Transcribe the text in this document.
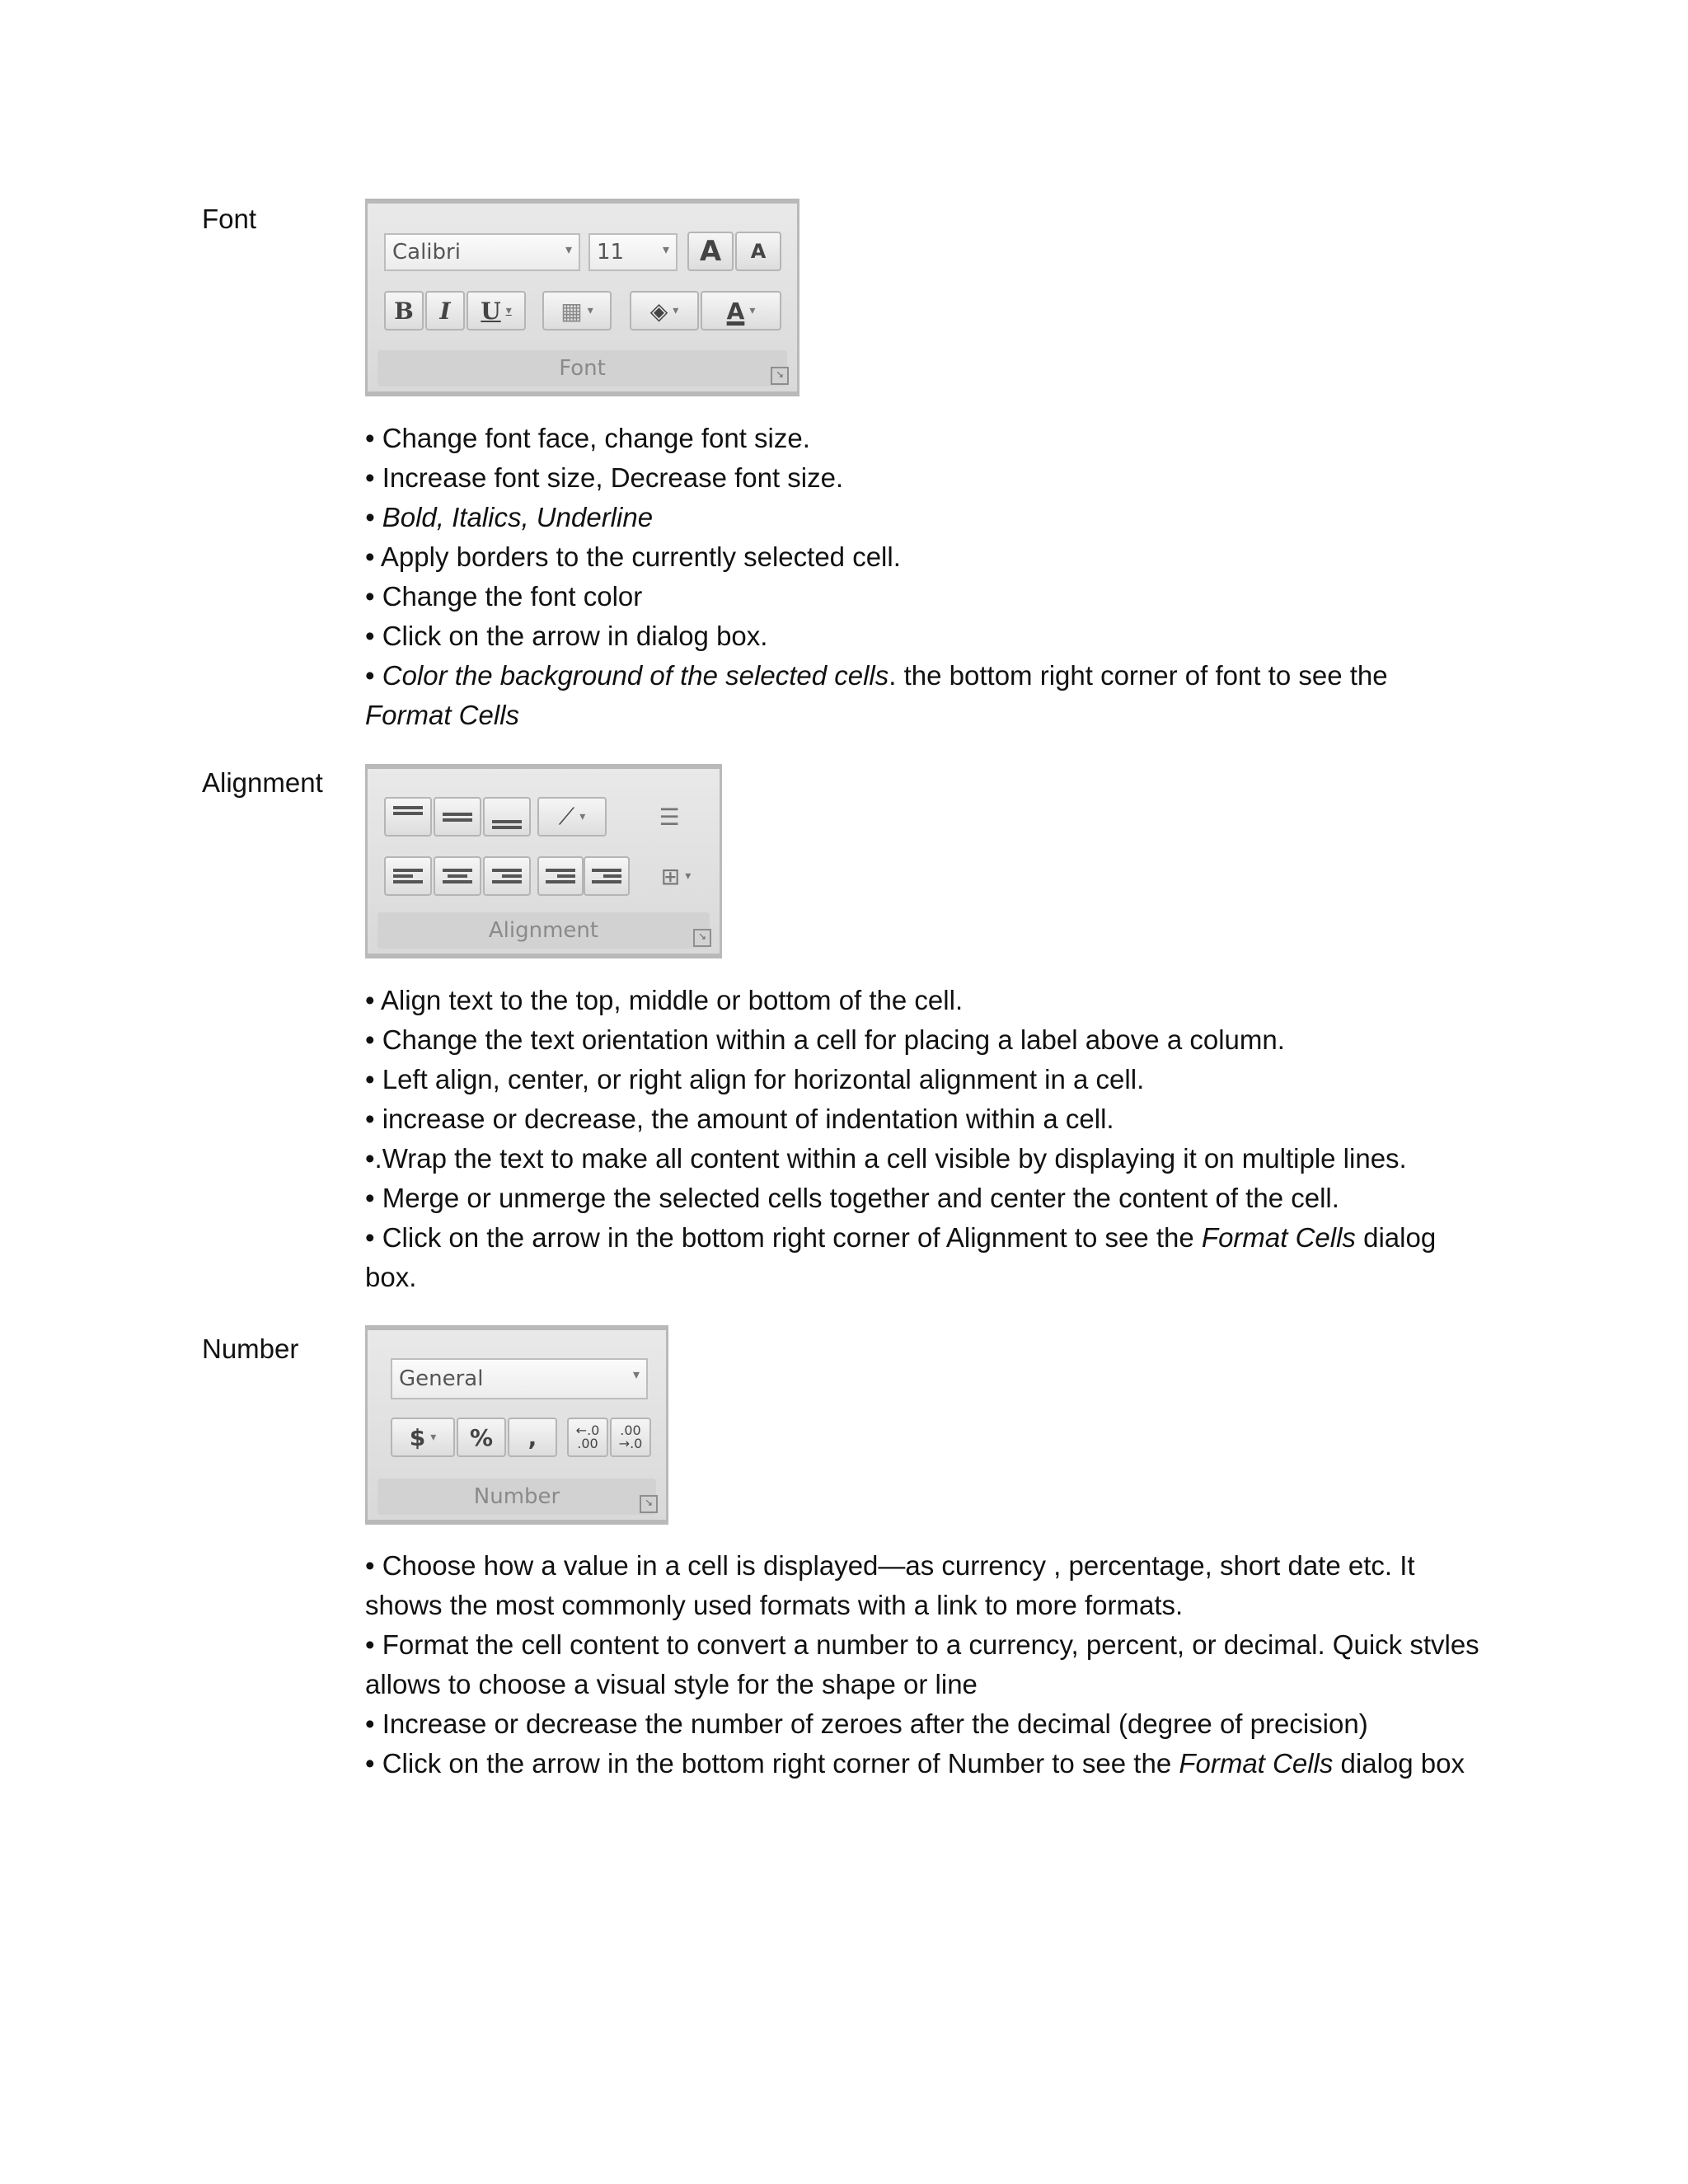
Font
Calibri	▾ 11	▾ A A
B I U ▾ ▦ ▾ ◈ ▾ A ▾
Font	↘

• Change font face, change font size.

• Increase font size, Decrease font size.

• Bold, Italics, Underline

• Apply borders to the currently selected cell.

• Change the font color

• Click on the arrow in dialog box.

• Color the background of the selected cells. the bottom right corner of font to see the
Format Cells

Alignment
⟋ ▾	☰
⊞ ▾
Alignment	↘

• Align text to the top, middle or bottom of the cell.

• Change the text orientation within a cell for placing a label above a column.

• Left align, center, or right align for horizontal alignment in a cell.

• increase or decrease, the amount of indentation within a cell.

•.Wrap the text to make all content within a cell visible by displaying it on multiple lines.

• Merge or unmerge the selected cells together and center the content of the cell.

• Click on the arrow in the bottom right corner of Alignment to see the Format Cells dialog box.

Number
General	▾
$ ▾ % ,	←.0 .00
.00 →.0
Number	↘

• Choose how a value in a cell is displayed—as currency , percentage, short date etc. It shows the most commonly used formats with a link to more formats.

• Format the cell content to convert a number to a currency, percent, or decimal. Quick stvles allows to choose a visual style for the shape or line

• Increase or decrease the number of zeroes after the decimal (degree of precision)

• Click on the arrow in the bottom right corner of Number to see the Format Cells dialog box
